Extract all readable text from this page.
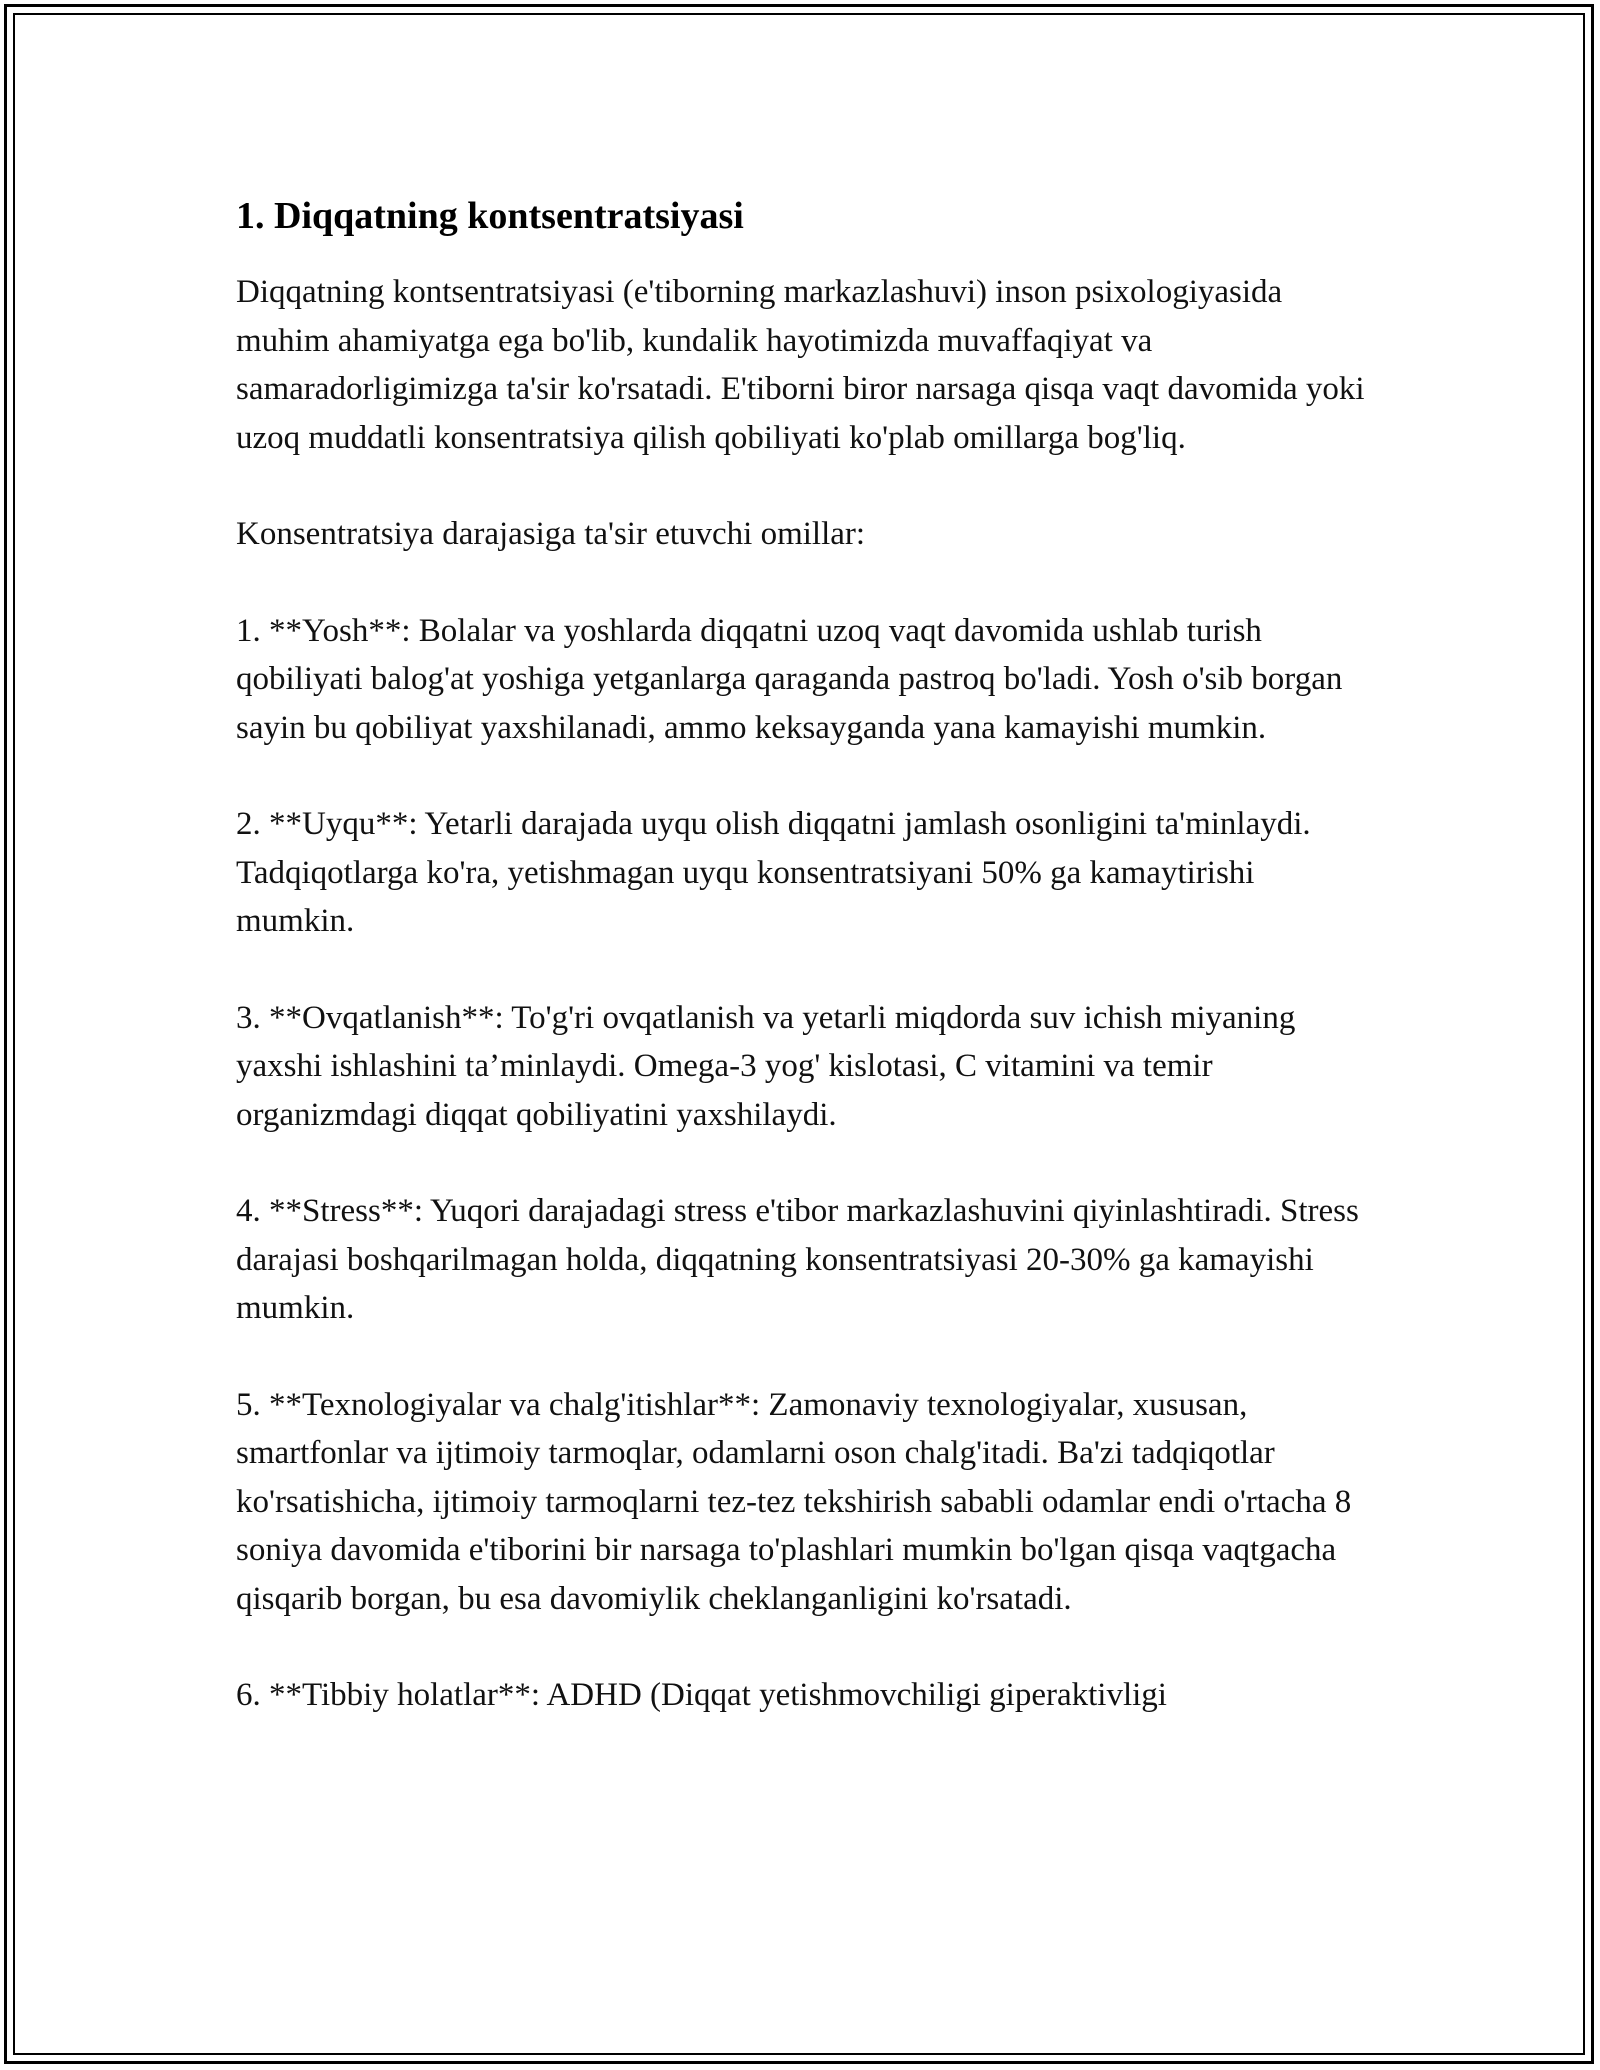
1. Diqqatning kontsentratsiyasi

Diqqatning kontsentratsiyasi (e'tiborning markazlashuvi) inson psixologiyasida muhim ahamiyatga ega bo'lib, kundalik hayotimizda muvaffaqiyat va samaradorligimizga ta'sir ko'rsatadi. E'tiborni biror narsaga qisqa vaqt davomida yoki uzoq muddatli konsentratsiya qilish qobiliyati ko'plab omillarga bog'liq.

Konsentratsiya darajasiga ta'sir etuvchi omillar:

1. **Yosh**: Bolalar va yoshlarda diqqatni uzoq vaqt davomida ushlab turish qobiliyati balog'at yoshiga yetganlarga qaraganda pastroq bo'ladi. Yosh o'sib borgan sayin bu qobiliyat yaxshilanadi, ammo keksayganda yana kamayishi mumkin.

2. **Uyqu**: Yetarli darajada uyqu olish diqqatni jamlash osonligini ta'minlaydi. Tadqiqotlarga ko'ra, yetishmagan uyqu konsentratsiyani 50% ga kamaytirishi mumkin.

3. **Ovqatlanish**: To'g'ri ovqatlanish va yetarli miqdorda suv ichish miyaning yaxshi ishlashini ta’minlaydi. Omega-3 yog' kislotasi, C vitamini va temir organizmdagi diqqat qobiliyatini yaxshilaydi.

4. **Stress**: Yuqori darajadagi stress e'tibor markazlashuvini qiyinlashtiradi. Stress darajasi boshqarilmagan holda, diqqatning konsentratsiyasi 20-30% ga kamayishi mumkin.

5. **Texnologiyalar va chalg'itishlar**: Zamonaviy texnologiyalar, xususan, smartfonlar va ijtimoiy tarmoqlar, odamlarni oson chalg'itadi. Ba'zi tadqiqotlar ko'rsatishicha, ijtimoiy tarmoqlarni tez-tez tekshirish sababli odamlar endi o'rtacha 8 soniya davomida e'tiborini bir narsaga to'plashlari mumkin bo'lgan qisqa vaqtgacha qisqarib borgan, bu esa davomiylik cheklanganligini ko'rsatadi.

6. **Tibbiy holatlar**: ADHD (Diqqat yetishmovchiligi giperaktivligi
